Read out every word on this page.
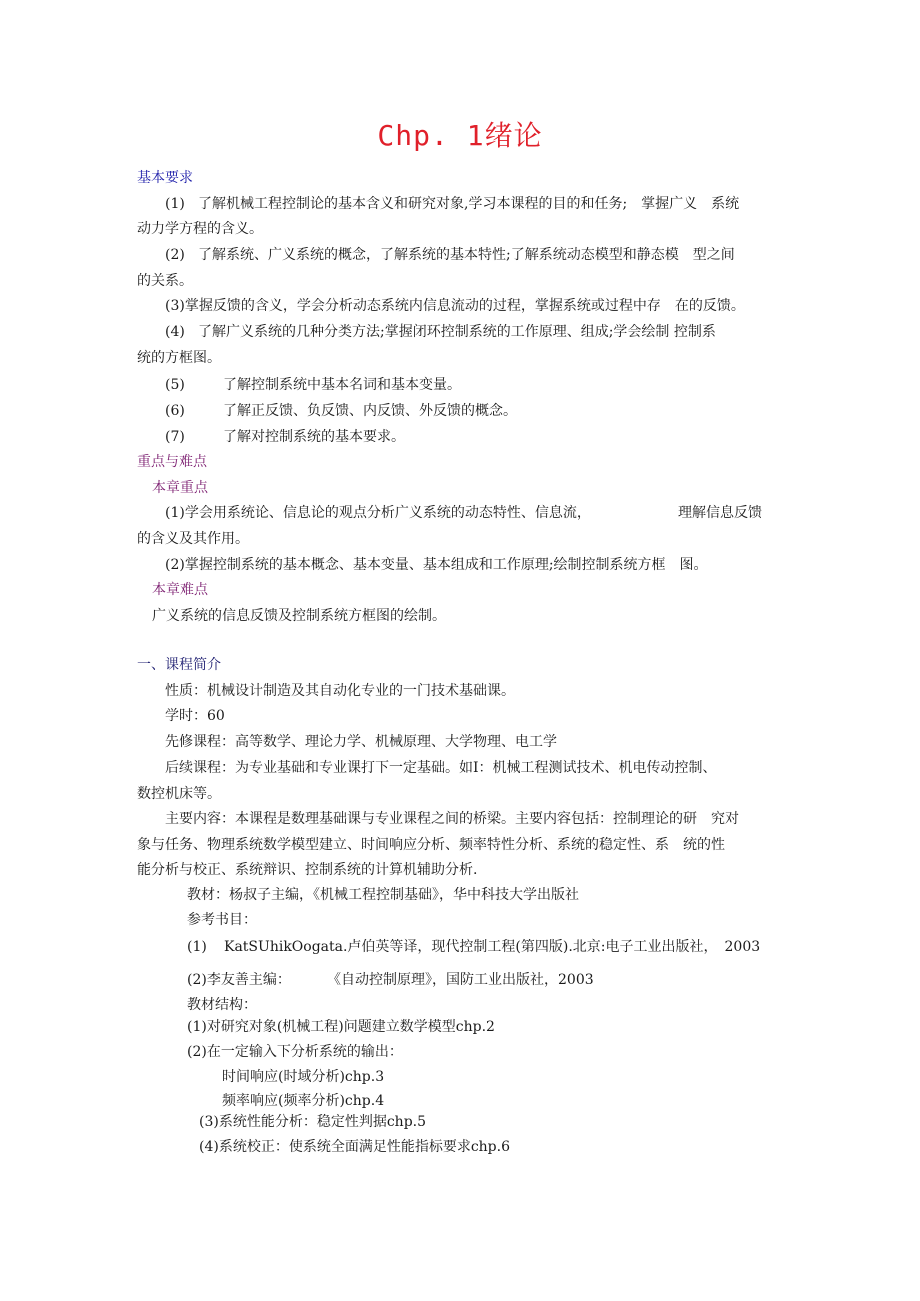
Chp. 1绪论
基本要求
(1) 了解机械工程控制论的基本含义和研究对象,学习本课程的目的和任务;　掌握广义　系统
动力学方程的含义。
(2) 了解系统、广义系统的概念，了解系统的基本特性;了解系统动态模型和静态模　型之间
的关系。
(3)掌握反馈的含义，学会分析动态系统内信息流动的过程，掌握系统或过程中存　在的反馈。
(4) 了解广义系统的几种分类方法;掌握闭环控制系统的工作原理、组成;学会绘制 控制系
统的方框图。
(5)	了解控制系统中基本名词和基本变量。
(6)	了解正反馈、负反馈、内反馈、外反馈的概念。
(7)	了解对控制系统的基本要求。
重点与难点
本章重点
(1)学会用系统论、信息论的观点分析广义系统的动态特性、信息流，	理解信息反馈
的含义及其作用。
(2)掌握控制系统的基本概念、基本变量、基本组成和工作原理;绘制控制系统方框　图。
本章难点
广义系统的信息反馈及控制系统方框图的绘制。
一、课程简介
性质：机械设计制造及其自动化专业的一门技术基础课。
学时：60
先修课程：高等数学、理论力学、机械原理、大学物理、电工学
后续课程：为专业基础和专业课打下一定基础。如I：机械工程测试技术、机电传动控制、
数控机床等。
主要内容：本课程是数理基础课与专业课程之间的桥梁。主要内容包括：控制理论的研　究对
象与任务、物理系统数学模型建立、时间响应分析、频率特性分析、系统的稳定性、系　统的性
能分析与校正、系统辩识、控制系统的计算机辅助分析.
教材：杨叔子主编，《机械工程控制基础》，华中科技大学出版社
参考书目：
(1) KatSUhikOogata.卢伯英等译，现代控制工程(第四版).北京:电子工业出版社，　2003
(2)李友善主编：	《自动控制原理》，国防工业出版社，2003
教材结构：
(1)对研究对象(机械工程)问题建立数学模型chp.2
(2)在一定输入下分析系统的输出：
时间响应(时域分析)chp.3
频率响应(频率分析)chp.4
(3)系统性能分析：稳定性判据chp.5
(4)系统校正：使系统全面满足性能指标要求chp.6
